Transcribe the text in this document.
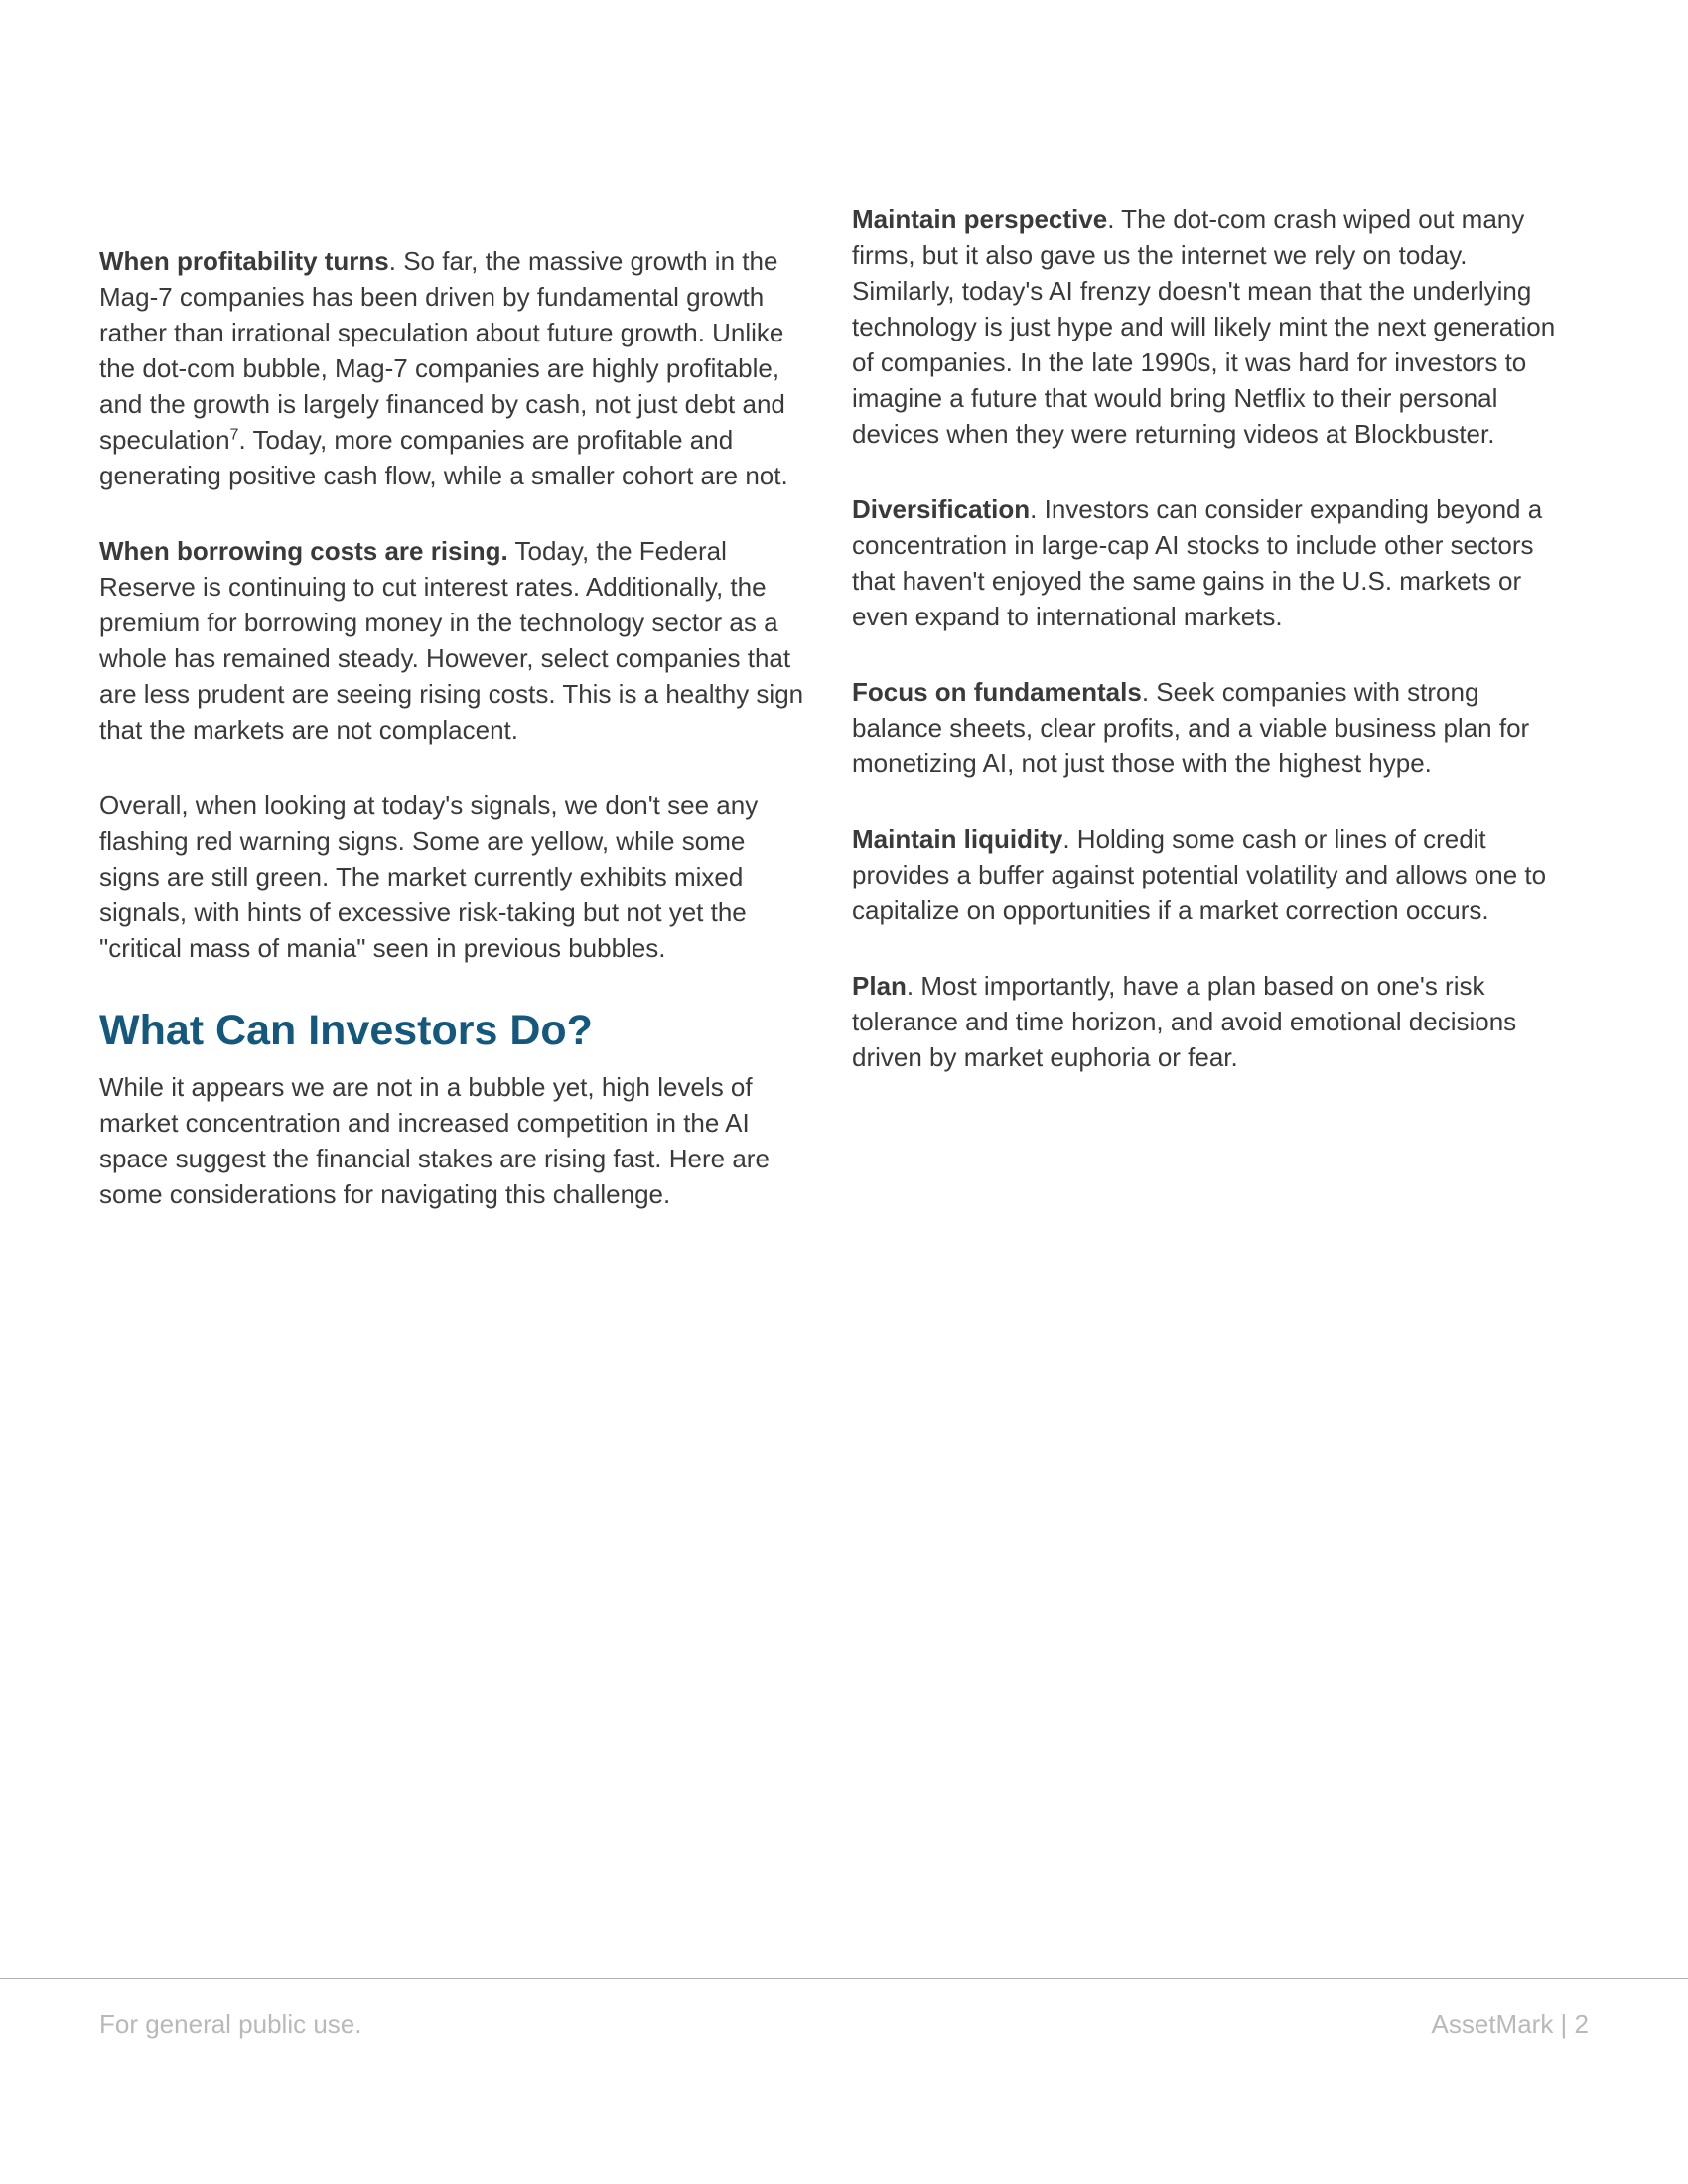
When profitability turns. So far, the massive growth in the Mag-7 companies has been driven by fundamental growth rather than irrational speculation about future growth. Unlike the dot-com bubble, Mag-7 companies are highly profitable, and the growth is largely financed by cash, not just debt and speculation$^7$. Today, more companies are profitable and generating positive cash flow, while a smaller cohort are not.

When borrowing costs are rising. Today, the Federal Reserve is continuing to cut interest rates. Additionally, the premium for borrowing money in the technology sector as a whole has remained steady. However, select companies that are less prudent are seeing rising costs. This is a healthy sign that the markets are not complacent.

Overall, when looking at today's signals, we don't see any flashing red warning signs. Some are yellow, while some signs are still green. The market currently exhibits mixed signals, with hints of excessive risk-taking but not yet the "critical mass of mania" seen in previous bubbles.

What Can Investors Do?

While it appears we are not in a bubble yet, high levels of market concentration and increased competition in the AI space suggest the financial stakes are rising fast. Here are some considerations for navigating this challenge.

Maintain perspective. The dot-com crash wiped out many firms, but it also gave us the internet we rely on today. Similarly, today's AI frenzy doesn't mean that the underlying technology is just hype and will likely mint the next generation of companies. In the late 1990s, it was hard for investors to imagine a future that would bring Netflix to their personal devices when they were returning videos at Blockbuster.

Diversification. Investors can consider expanding beyond a concentration in large-cap AI stocks to include other sectors that haven't enjoyed the same gains in the U.S. markets or even expand to international markets.

Focus on fundamentals. Seek companies with strong balance sheets, clear profits, and a viable business plan for monetizing AI, not just those with the highest hype.

Maintain liquidity. Holding some cash or lines of credit provides a buffer against potential volatility and allows one to capitalize on opportunities if a market correction occurs.

Plan. Most importantly, have a plan based on one's risk tolerance and time horizon, and avoid emotional decisions driven by market euphoria or fear.

For general public use.	AssetMark | 2
